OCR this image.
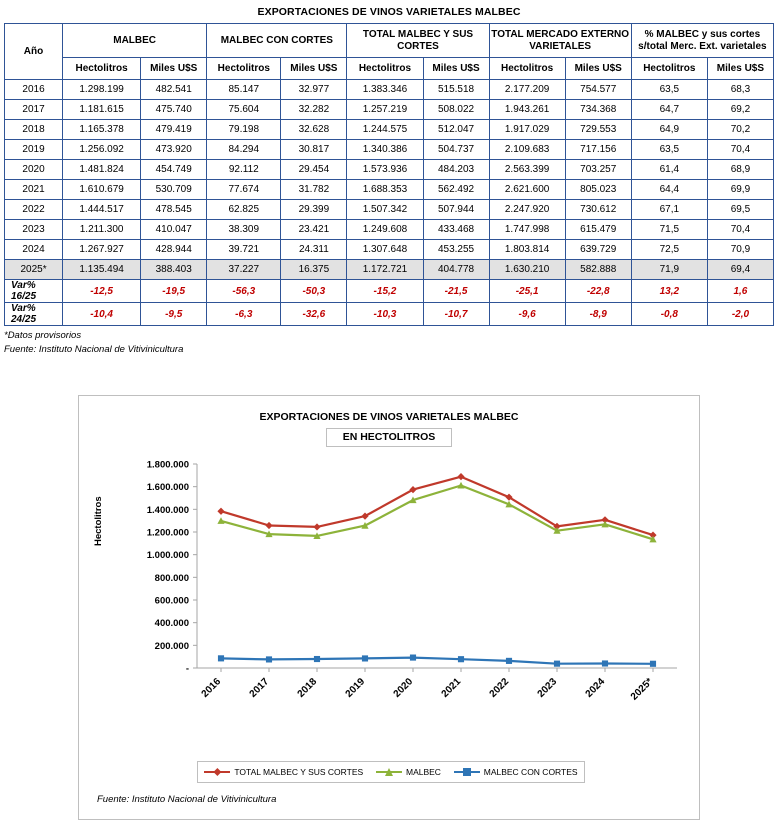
EXPORTACIONES DE VINOS VARIETALES MALBEC
Año	MALBEC		MALBEC CON CORTES		TOTAL MALBEC Y SUS CORTES		TOTAL MERCADO EXTERNO VARIETALES		% MALBEC y sus cortes s/total Merc. Ext. varietales	
	Hectolitros	Miles U$S	Hectolitros	Miles U$S	Hectolitros	Miles U$S	Hectolitros	Miles U$S	Hectolitros	Miles U$S
2016	1.298.199	482.541	85.147	32.977	1.383.346	515.518	2.177.209	754.577	63,5	68,3
2017	1.181.615	475.740	75.604	32.282	1.257.219	508.022	1.943.261	734.368	64,7	69,2
2018	1.165.378	479.419	79.198	32.628	1.244.575	512.047	1.917.029	729.553	64,9	70,2
2019	1.256.092	473.920	84.294	30.817	1.340.386	504.737	2.109.683	717.156	63,5	70,4
2020	1.481.824	454.749	92.112	29.454	1.573.936	484.203	2.563.399	703.257	61,4	68,9
2021	1.610.679	530.709	77.674	31.782	1.688.353	562.492	2.621.600	805.023	64,4	69,9
2022	1.444.517	478.545	62.825	29.399	1.507.342	507.944	2.247.920	730.612	67,1	69,5
2023	1.211.300	410.047	38.309	23.421	1.249.608	433.468	1.747.998	615.479	71,5	70,4
2024	1.267.927	428.944	39.721	24.311	1.307.648	453.255	1.803.814	639.729	72,5	70,9
2025*	1.135.494	388.403	37.227	16.375	1.172.721	404.778	1.630.210	582.888	71,9	69,4
Var% 16/25	-12,5	-19,5	-56,3	-50,3	-15,2	-21,5	-25,1	-22,8	13,2	1,6
Var% 24/25	-10,4	-9,5	-6,3	-32,6	-10,3	-10,7	-9,6	-8,9	-0,8	-2,0
*Datos provisorios
Fuente: Instituto Nacional de Vitivinicultura
EXPORTACIONES DE VINOS VARIETALES MALBEC
EN HECTOLITROS
Hectolitros
-
200.000
400.000
600.000
800.000
1.000.000
1.200.000
1.400.000
1.600.000
1.800.000
2016 2017 2018 2019 2020 2021 2022 2023 2024 2025*
TOTAL MALBEC Y SUS CORTES	MALBEC	MALBEC CON CORTES
Fuente: Instituto Nacional de Vitivinicultura
